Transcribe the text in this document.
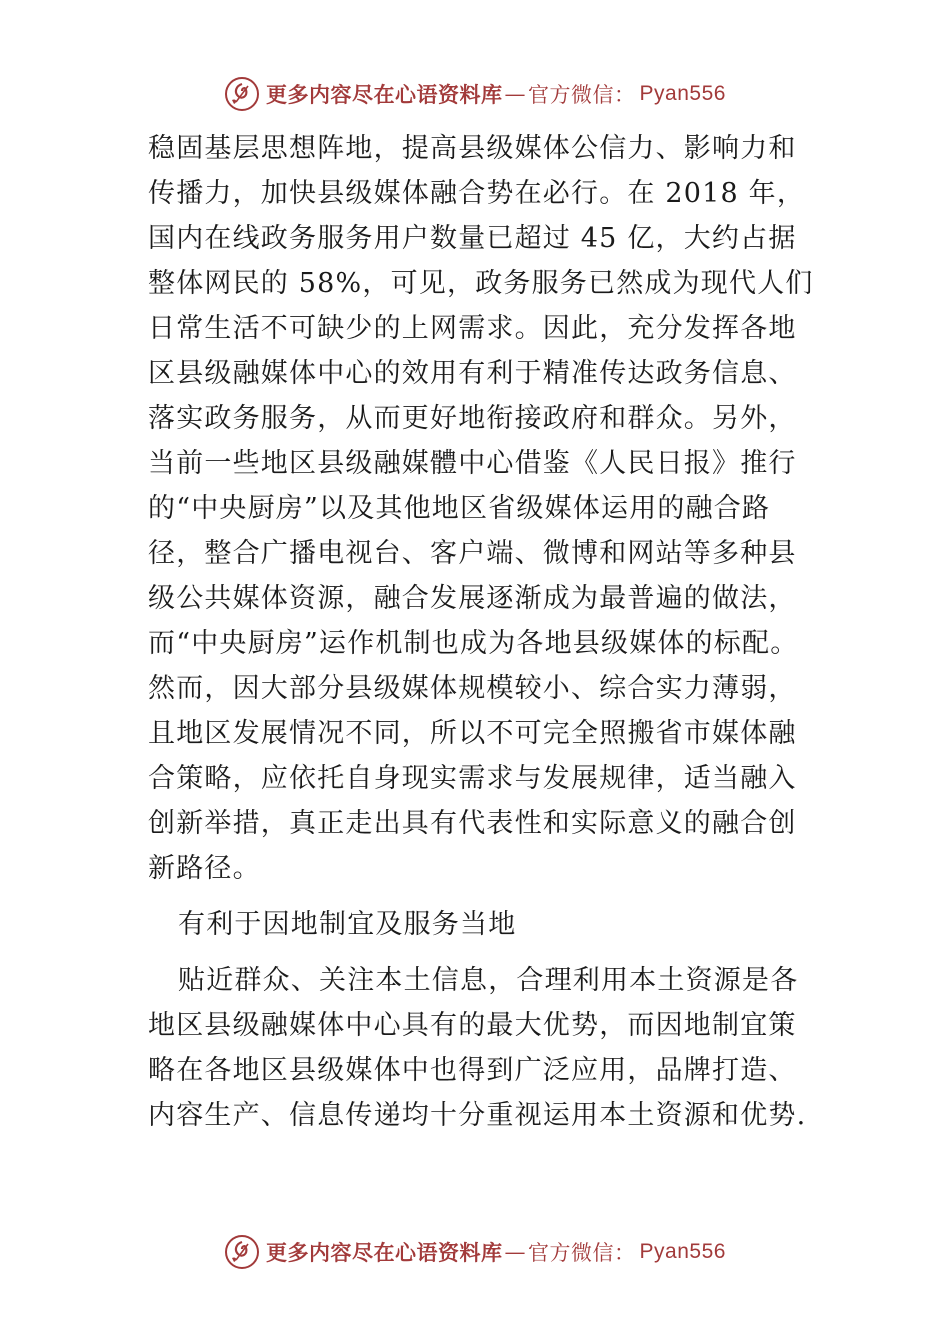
更多内容尽在心语资料库 — 官方微信： Pyan556
稳固基层思想阵地，提高县级媒体公信力、影响力和
传播力，加快县级媒体融合势在必行。在 2018 年，
国内在线政务服务用户数量已超过 45 亿，大约占据
整体网民的 58%，可见，政务服务已然成为现代人们
日常生活不可缺少的上网需求。因此，充分发挥各地
区县级融媒体中心的效用有利于精准传达政务信息、
落实政务服务，从而更好地衔接政府和群众。另外，
当前一些地区县级融媒體中心借鉴《人民日报》推行
的“中央厨房”以及其他地区省级媒体运用的融合路
径，整合广播电视台、客户端、微博和网站等多种县
级公共媒体资源，融合发展逐渐成为最普遍的做法，
而“中央厨房”运作机制也成为各地县级媒体的标配。
然而，因大部分县级媒体规模较小、综合实力薄弱，
且地区发展情况不同，所以不可完全照搬省市媒体融
合策略，应依托自身现实需求与发展规律，适当融入
创新举措，真正走出具有代表性和实际意义的融合创
新路径。
有利于因地制宜及服务当地
贴近群众、关注本土信息，合理利用本土资源是各
地区县级融媒体中心具有的最大优势，而因地制宜策
略在各地区县级媒体中也得到广泛应用，品牌打造、
内容生产、信息传递均十分重视运用本土资源和优势.
更多内容尽在心语资料库 — 官方微信： Pyan556
